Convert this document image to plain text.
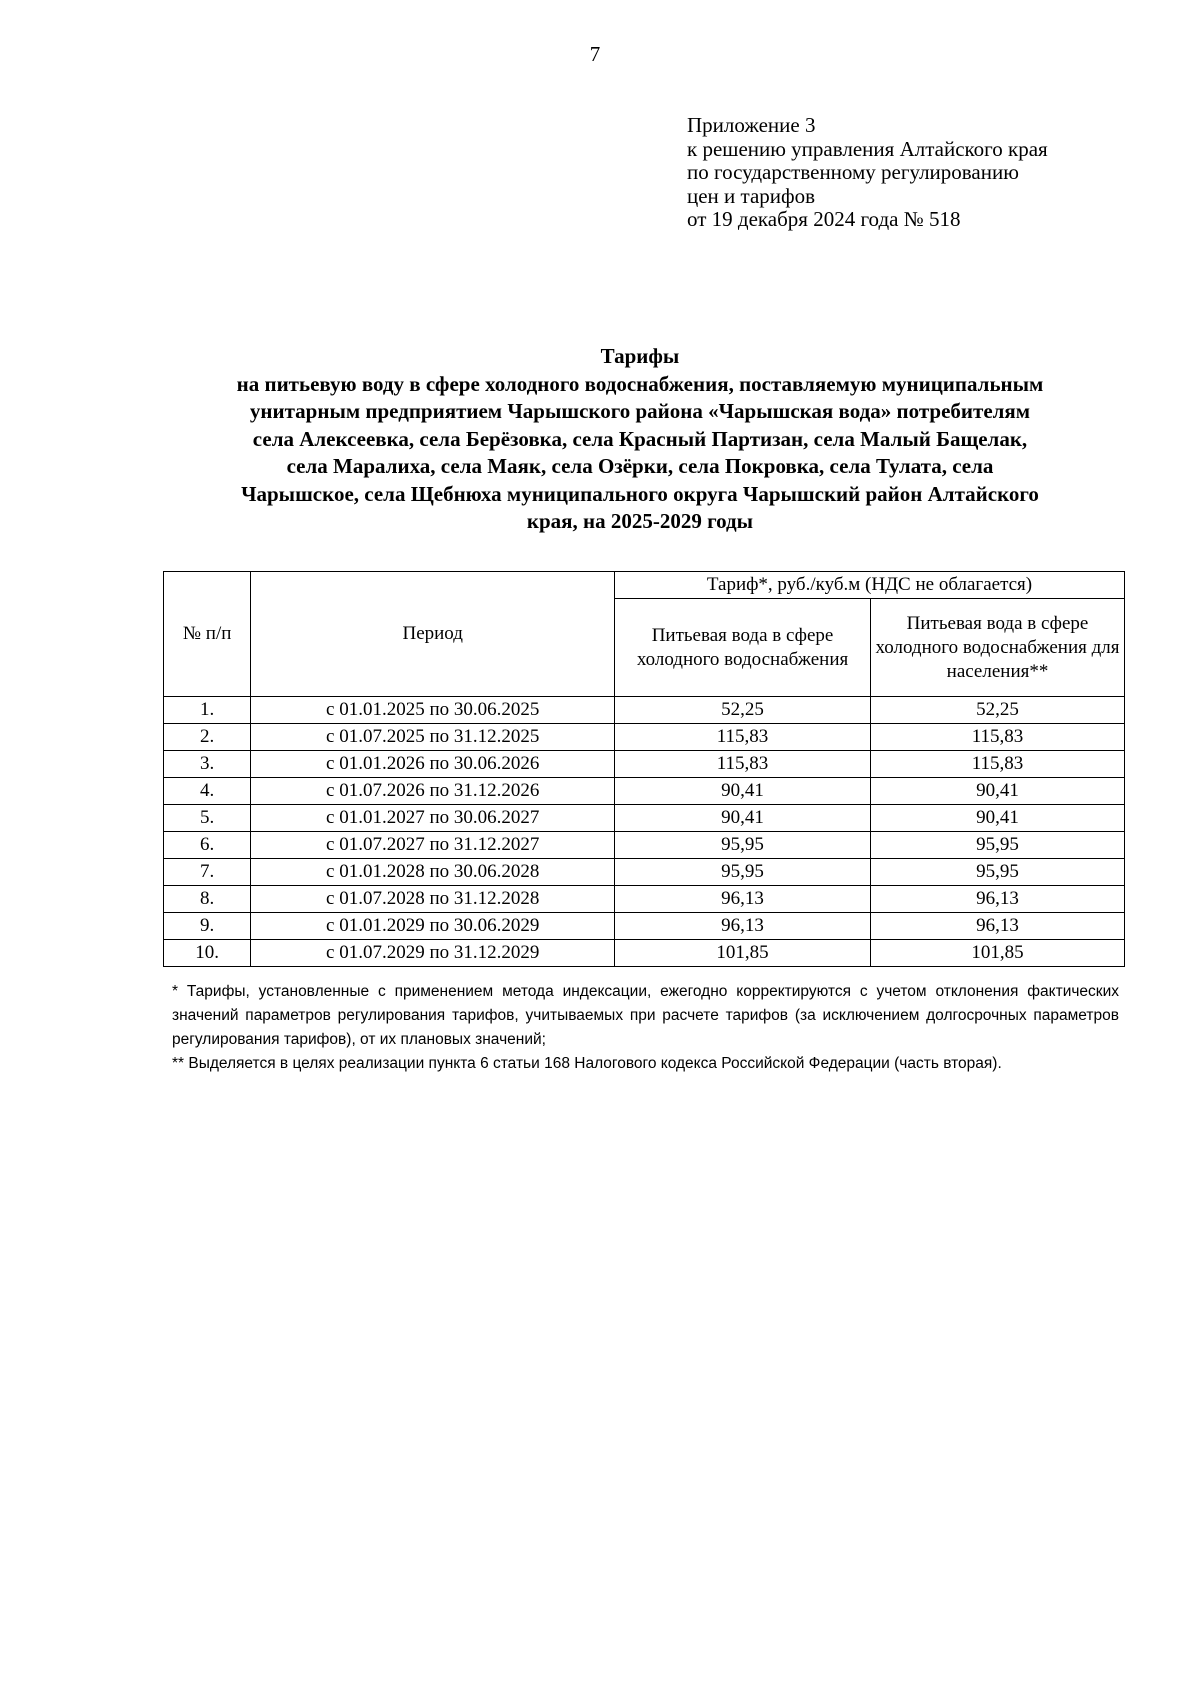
7
Приложение 3
к решению управления Алтайского края
по государственному регулированию
цен и тарифов
от 19 декабря 2024 года № 518
Тарифы
на питьевую воду в сфере холодного водоснабжения, поставляемую муниципальным
унитарным предприятием Чарышского района «Чарышская вода» потребителям
села Алексеевка, села Берёзовка, села Красный Партизан, села Малый Бащелак,
села Маралиха, села Маяк, села Озёрки, села Покровка, села Тулата, села
Чарышское, села Щебнюха муниципального округа Чарышский район Алтайского
края, на 2025-2029 годы
№ п/п	Период	Тариф*, руб./куб.м (НДС не облагается)	
		Питьевая вода в сфере холодного водоснабжения	Питьевая вода в сфере холодного водоснабжения для населения**
1.	с 01.01.2025 по 30.06.2025	52,25	52,25
2.	с 01.07.2025 по 31.12.2025	115,83	115,83
3.	с 01.01.2026 по 30.06.2026	115,83	115,83
4.	с 01.07.2026 по 31.12.2026	90,41	90,41
5.	с 01.01.2027 по 30.06.2027	90,41	90,41
6.	с 01.07.2027 по 31.12.2027	95,95	95,95
7.	с 01.01.2028 по 30.06.2028	95,95	95,95
8.	с 01.07.2028 по 31.12.2028	96,13	96,13
9.	с 01.01.2029 по 30.06.2029	96,13	96,13
10.	с 01.07.2029 по 31.12.2029	101,85	101,85

* Тарифы, установленные с применением метода индексации, ежегодно корректируются с учетом отклонения фактических значений параметров регулирования тарифов, учитываемых при расчете тарифов (за исключением долгосрочных параметров регулирования тарифов), от их плановых значений;

** Выделяется в целях реализации пункта 6 статьи 168 Налогового кодекса Российской Федерации (часть вторая).
